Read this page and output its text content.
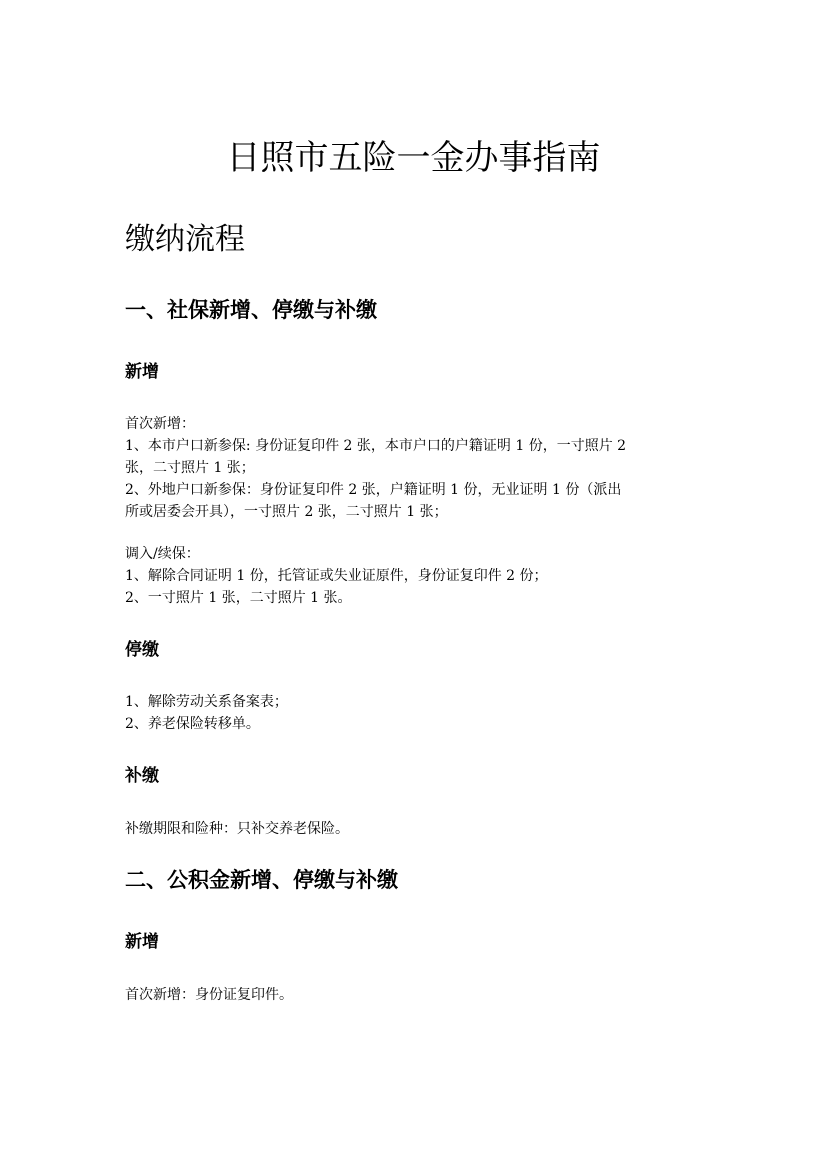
日照市五险一金办事指南
缴纳流程
一、社保新增、停缴与补缴
新增
首次新增：
1、本市户口新参保: 身份证复印件 2 张，本市户口的户籍证明 1 份，一寸照片 2
张，二寸照片 1 张；
2、外地户口新参保：身份证复印件 2 张，户籍证明 1 份，无业证明 1 份（派出
所或居委会开具），一寸照片 2 张，二寸照片 1 张；
调入/续保：
1、解除合同证明 1 份，托管证或失业证原件，身份证复印件 2 份；
2、一寸照片 1 张，二寸照片 1 张。
停缴
1、解除劳动关系备案表；
2、养老保险转移单。
补缴
补缴期限和险种：只补交养老保险。
二、公积金新增、停缴与补缴
新增
首次新增：身份证复印件。
